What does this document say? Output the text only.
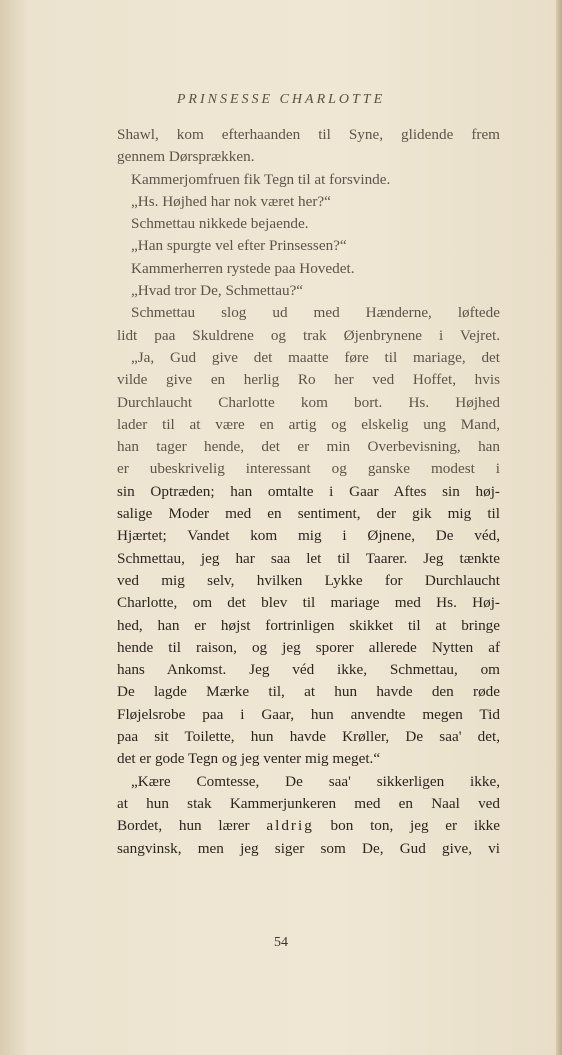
PRINSESSE CHARLOTTE
Shawl, kom efterhaanden til Syne, glidende frem
gennem Dørsprækken.
Kammerjomfruen fik Tegn til at forsvinde.
„Hs. Højhed har nok været her?“
Schmettau nikkede bejaende.
„Han spurgte vel efter Prinsessen?“
Kammerherren rystede paa Hovedet.
„Hvad tror De, Schmettau?“
Schmettau slog ud med Hænderne, løftede
lidt paa Skuldrene og trak Øjenbrynene i Vejret.
„Ja, Gud give det maatte føre til mariage, det
vilde give en herlig Ro her ved Hoffet, hvis
Durchlaucht Charlotte kom bort. Hs. Højhed
lader til at være en artig og elskelig ung Mand,
han tager hende, det er min Overbevisning, han
er ubeskrivelig interessant og ganske modest i
sin Optræden; han omtalte i Gaar Aftes sin høj-
salige Moder med en sentiment, der gik mig til
Hjærtet; Vandet kom mig i Øjnene, De véd,
Schmettau, jeg har saa let til Taarer. Jeg tænkte
ved mig selv, hvilken Lykke for Durchlaucht
Charlotte, om det blev til mariage med Hs. Høj-
hed, han er højst fortrinligen skikket til at bringe
hende til raison, og jeg sporer allerede Nytten af
hans Ankomst. Jeg véd ikke, Schmettau, om
De lagde Mærke til, at hun havde den røde
Fløjelsrobe paa i Gaar, hun anvendte megen Tid
paa sit Toilette, hun havde Krøller, De saa' det,
det er gode Tegn og jeg venter mig meget.“
„Kære Comtesse, De saa' sikkerligen ikke,
at hun stak Kammerjunkeren med en Naal ved
Bordet, hun lærer aldrig bon ton, jeg er ikke
sangvinsk, men jeg siger som De, Gud give, vi
54
